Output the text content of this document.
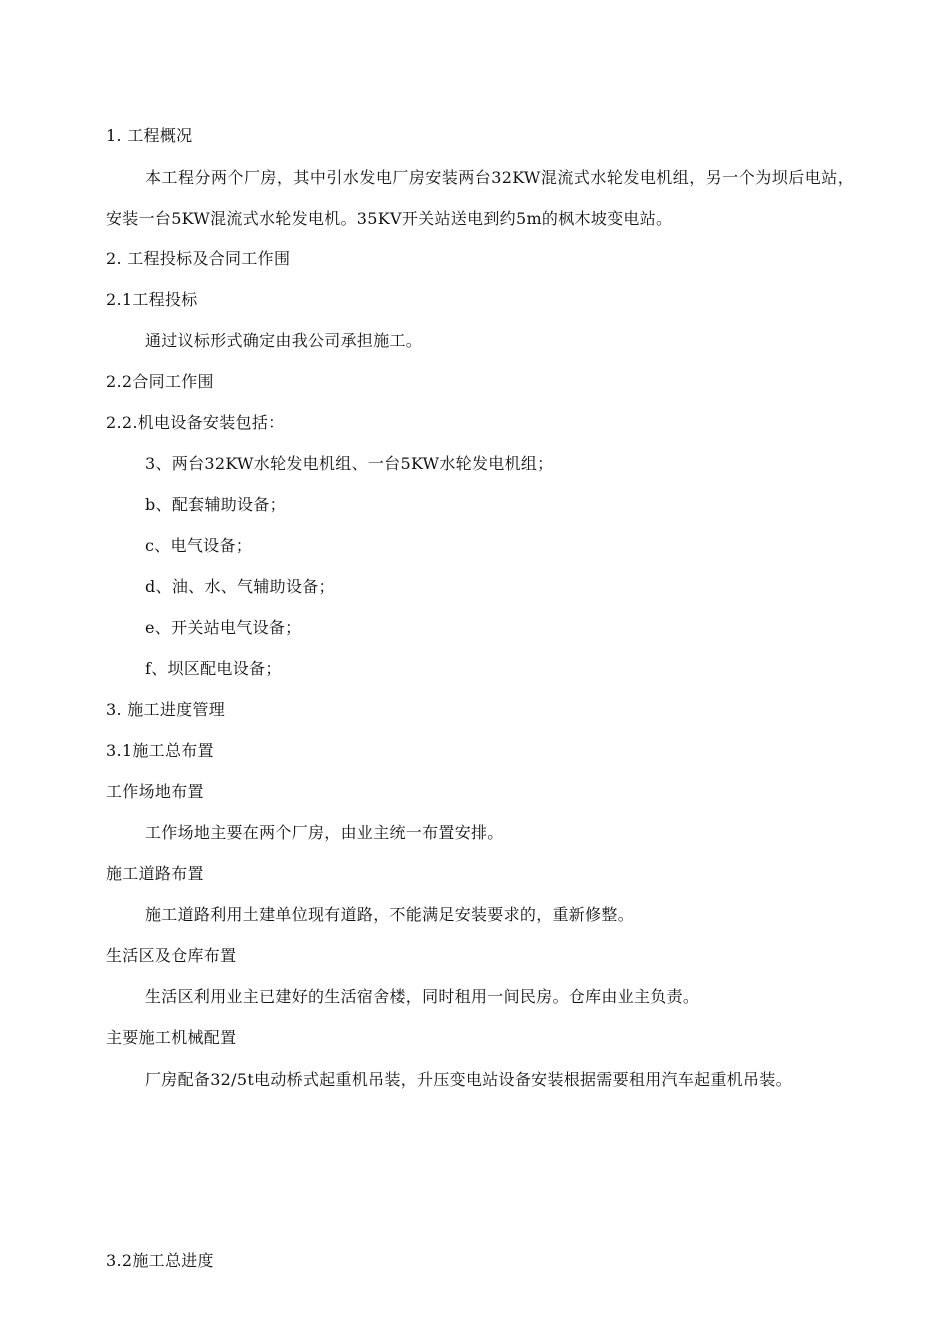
1. 工程概况
本工程分两个厂房，其中引水发电厂房安装两台32KW混流式水轮发电机组，另一个为坝后电站，安装一台5KW混流式水轮发电机。35KV开关站送电到约5m的枫木坡变电站。
2. 工程投标及合同工作围
2.1工程投标
通过议标形式确定由我公司承担施工。
2.2合同工作围
2.2.机电设备安装包括：
3、两台32KW水轮发电机组、一台5KW水轮发电机组；
b、配套辅助设备；
c、电气设备；
d、油、水、气辅助设备；
e、开关站电气设备；
f、坝区配电设备；
3. 施工进度管理
3.1施工总布置
工作场地布置
工作场地主要在两个厂房，由业主统一布置安排。
施工道路布置
施工道路利用土建单位现有道路，不能满足安装要求的，重新修整。
生活区及仓库布置
生活区利用业主已建好的生活宿舍楼，同时租用一间民房。仓库由业主负责。
主要施工机械配置
厂房配备32/5t电动桥式起重机吊装，升压变电站设备安装根据需要租用汽车起重机吊装。
3.2施工总进度
